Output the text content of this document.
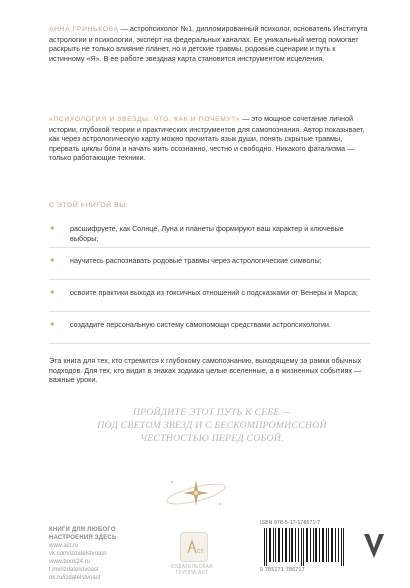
АННА ГРИНЬКОВА — астропсихолог №1, дипломированный психолог, основатель Института астрологии и психологии, эксперт на федеральных каналах. Ее уникальный метод помогает раскрыть не только влияние планет, но и детские травмы, родовые сценарии и путь к истинному «Я». В ее работе звездная карта становится инструментом исцеления.
«ПСИХОЛОГИЯ И ЗВЕЗДЫ. ЧТО, КАК И ПОЧЕМУ?» — это мощное сочетание личной истории, глубокой теории и практических инструментов для самопознания. Автор показывает, как через астрологическую карту можно прочитать язык души, понять скрытые травмы, прервать циклы боли и начать жить осознанно, честно и свободно. Никакого фатализма — только работающие техники.
С ЭТОЙ КНИГОЙ ВЫ:
✦	расшифруете, как Солнце, Луна и планеты формируют ваш характер и ключевые выборы;
✦	научитесь распознавать родовые травмы через астрологические символы;
✦	освоите практики выхода из токсичных отношений с подсказками от Венеры и Марса;
✦	создадите персональную систему самопомощи средствами астропсихологии.
Эта книга для тех, кто стремится к глубокому самопознанию, выходящему за рамки обычных подходов. Для тех, кто видит в знаках зодиака целые вселенные, а в жизненных событиях — важные уроки.
ПРОЙДИТЕ ЭТОТ ПУТЬ К СЕБЕ —
ПОД СВЕТОМ ЗВЕЗД И С БЕСКОМПРОМИССНОЙ
ЧЕСТНОСТЬЮ ПЕРЕД СОБОЙ.
КНИГИ ДЛЯ ЛЮБОГО
НАСТРОЕНИЯ ЗДЕСЬ
www.ast.ru
vk.com/izdatelstvoast
www.book24.ru
t.me/izdatelstvoast
ok.ru/izdatelstvoast
ст
ИЗДАТЕЛЬСКАЯ
ГРУППА АСТ
ISBN 978-5-17-178671-7
9 785171 786717
